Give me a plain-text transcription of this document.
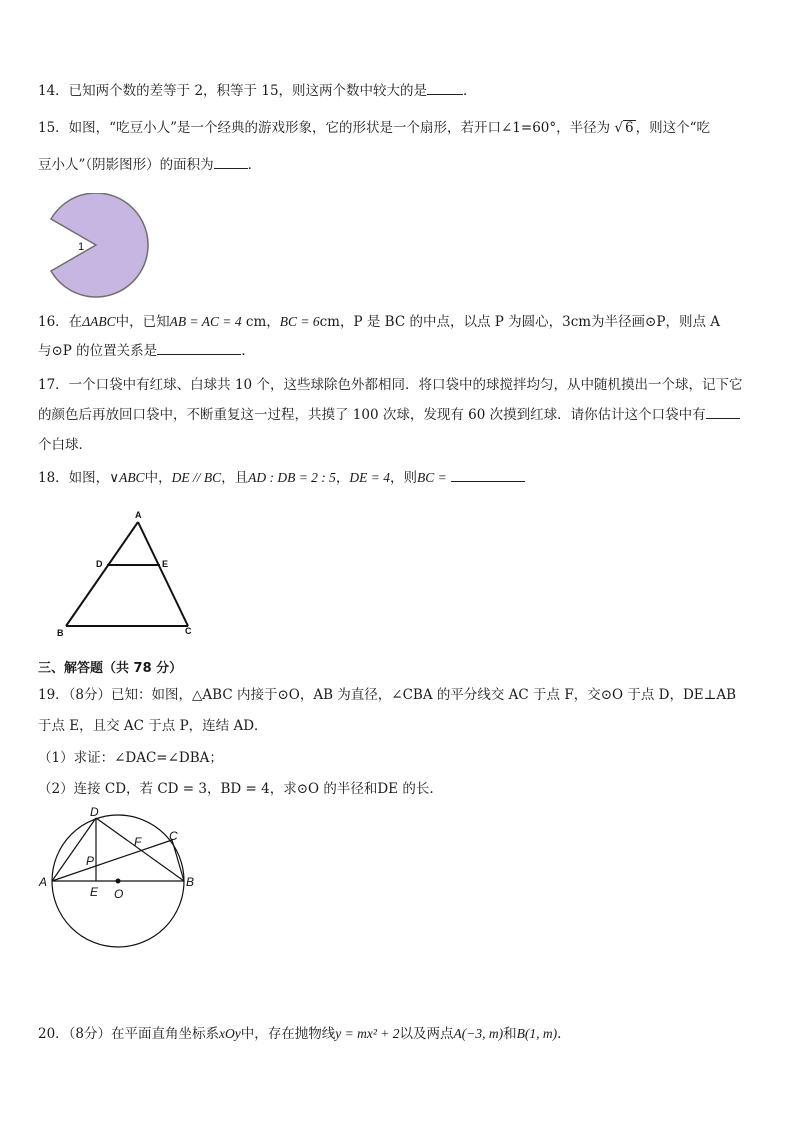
14．已知两个数的差等于 2，积等于 15，则这两个数中较大的是	．
15．如图，“吃豆小人”是一个经典的游戏形象，它的形状是一个扇形，若开口∠1=60°，半径为 √ 6 ，则这个“吃
豆小人”（阴影图形）的面积为	．
1
16．在ΔABC中，已知AB = AC = 4 cm，BC = 6cm，P 是 BC 的中点，以点 P 为圆心，3cm为半径画⊙P，则点 A
与⊙P 的位置关系是	.
17．一个口袋中有红球、白球共 10 个，这些球除色外都相同．将口袋中的球搅拌均匀，从中随机摸出一个球，记下它
的颜色后再放回口袋中，不断重复这一过程，共摸了 100 次球，发现有 60 次摸到红球．请你估计这个口袋中有
个白球．
18．如图，∨ABC中，DE // BC，且AD : DB = 2 : 5，DE = 4，则BC =
A
D	E
B	C
三、解答题（共 78 分）
19．（8分）已知：如图，△ABC 内接于⊙O，AB 为直径，∠CBA 的平分线交 AC 于点 F，交⊙O 于点 D，DE⊥AB
于点 E，且交 AC 于点 P，连结 AD．
（1）求证：∠DAC=∠DBA；
（2）连接 CD，若 CD = 3，BD = 4，求⊙O 的半径和DE 的长.
A	B
C
D
E
F
O
P
20．（8分）在平面直角坐标系xOy中，存在抛物线y = mx² + 2以及两点A(−3, m)和B(1, m).
